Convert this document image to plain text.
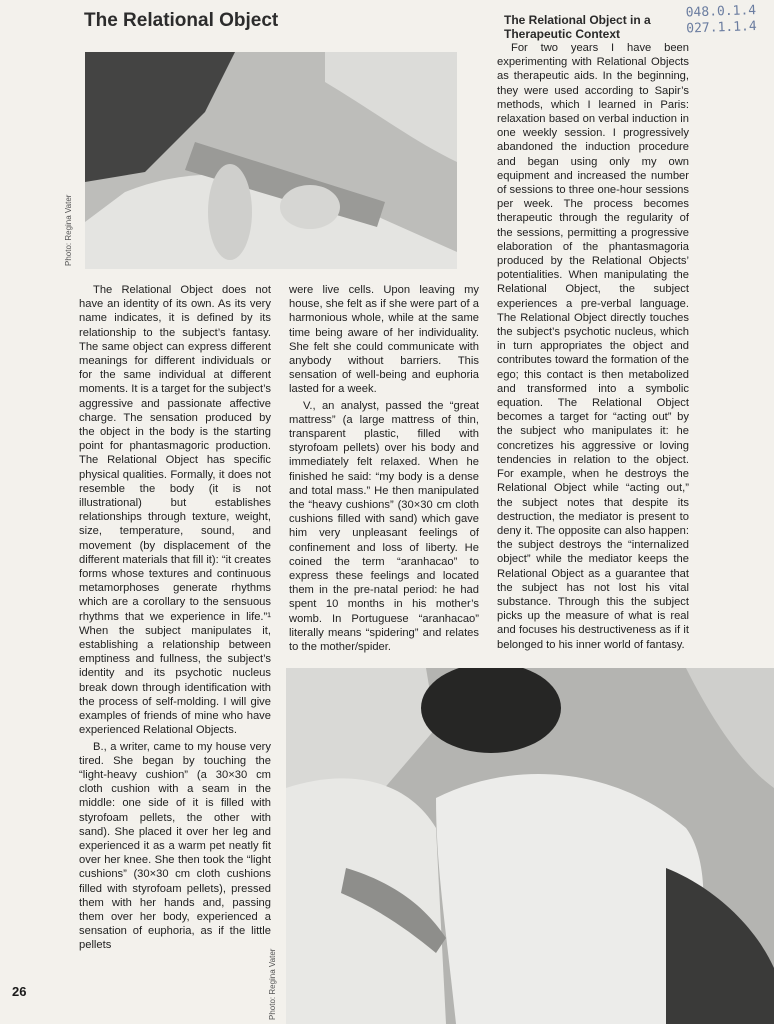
The Relational Object	048.0.1.4
027.1.1.4
Photo: Regina Vater

The Relational Object does not have an identity of its own. As its very name indicates, it is defined by its relationship to the subject’s fantasy. The same object can express different meanings for different individuals or for the same individual at different moments. It is a target for the subject’s aggressive and passionate affective charge. The sensation produced by the object in the body is the starting point for phantasmagoric production. The Relational Object has specific physical qualities. Formally, it does not resemble the body (it is not illustrational) but establishes relationships through texture, weight, size, temperature, sound, and movement (by displacement of the different materials that fill it): “it creates forms whose textures and continuous metamorphoses generate rhythms which are a corollary to the sensuous rhythms that we experience in life.”¹ When the subject manipulates it, establishing a relationship between emptiness and fullness, the subject’s identity and its psychotic nucleus break down through identification with the process of self-molding. I will give examples of friends of mine who have experienced Relational Objects.

B., a writer, came to my house very tired. She began by touching the “light-heavy cushion” (a 30×30 cm cloth cushion with a seam in the middle: one side of it is filled with styrofoam pellets, the other with sand). She placed it over her leg and experienced it as a warm pet neatly fit over her knee. She then took the “light cushions” (30×30 cm cloth cushions filled with styrofoam pellets), pressed them with her hands and, passing them over her body, experienced a sensation of euphoria, as if the little pellets

were live cells. Upon leaving my house, she felt as if she were part of a harmonious whole, while at the same time being aware of her individuality. She felt she could communicate with anybody without barriers. This sensation of well-being and euphoria lasted for a week.

V., an analyst, passed the “great mattress” (a large mattress of thin, transparent plastic, filled with styrofoam pellets) over his body and immediately felt relaxed. When he finished he said: “my body is a dense and total mass.” He then manipulated the “heavy cushions” (30×30 cm cloth cushions filled with sand) which gave him very unpleasant feelings of confinement and loss of liberty. He coined the term “aranhacao” to express these feelings and located them in the pre-natal period: he had spent 10 months in his mother’s womb. In Portuguese “aranhacao” literally means “spidering” and relates to the mother/spider.

The Relational Object in a Therapeutic Context

For two years I have been experimenting with Relational Objects as therapeutic aids. In the beginning, they were used according to Sapir’s methods, which I learned in Paris: relaxation based on verbal induction in one weekly session. I progressively abandoned the induction procedure and began using only my own equipment and increased the number of sessions to three one-hour sessions per week. The process becomes therapeutic through the regularity of the sessions, permitting a progressive elaboration of the phantasmagoria produced by the Relational Objects’ potentialities. When manipulating the Relational Object, the subject experiences a pre-verbal language. The Relational Object directly touches the subject’s psychotic nucleus, which in turn appropriates the object and contributes toward the formation of the ego; this contact is then metabolized and transformed into a symbolic equation. The Relational Object becomes a target for “acting out” by the subject who manipulates it: he concretizes his aggressive or loving tendencies in relation to the object. For example, when he destroys the Relational Object while “acting out,” the subject notes that despite its destruction, the mediator is present to deny it. The opposite can also happen: the subject destroys the “internalized object” while the mediator keeps the Relational Object as a guarantee that the subject has not lost his vital substance. Through this the subject picks up the measure of what is real and focuses his destructiveness as if it belonged to his inner world of fantasy.

Photo: Regina Vater
26
